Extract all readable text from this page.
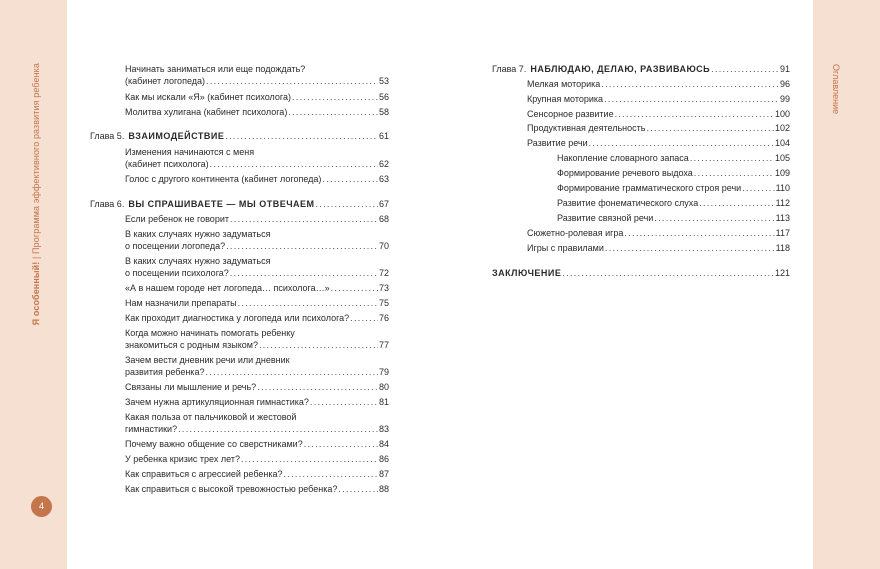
Я особенный! | Программа эффективного развития ребенка	Оглавление
4
Начинать заниматься или еще подождать?
(кабинет логопеда) .....	53
Как мы искали «Я» (кабинет психолога) .....	56
Молитва хулигана (кабинет психолога) .....	58
Глава 5. ВЗАИМОДЕЙСТВИЕ .....	61
Изменения начинаются с меня
(кабинет психолога) .....	62
Голос с другого континента (кабинет логопеда) .....	63
Глава 6. ВЫ СПРАШИВАЕТЕ — МЫ ОТВЕЧАЕМ .....	67
Если ребенок не говорит .....	68
В каких случаях нужно задуматься
о посещении логопеда? .....	70
В каких случаях нужно задуматься
о посещении психолога? .....	72
«А в нашем городе нет логопеда… психолога…» .....	73
Нам назначили препараты .....	75
Как проходит диагностика у логопеда или психолога? .....	76
Когда можно начинать помогать ребенку
знакомиться с родным языком? .....	77
Зачем вести дневник речи или дневник
развития ребенка? .....	79
Связаны ли мышление и речь? .....	80
Зачем нужна артикуляционная гимнастика? .....	81
Какая польза от пальчиковой и жестовой
гимнастики? .....	83
Почему важно общение со сверстниками? .....	84
У ребенка кризис трех лет? .....	86
Как справиться с агрессией ребенка? .....	87
Как справиться с высокой тревожностью ребенка? .....	88
Глава 7. НАБЛЮДАЮ, ДЕЛАЮ, РАЗВИВАЮСЬ .....	91
Мелкая моторика .....	96
Крупная моторика .....	99
Сенсорное развитие .....	100
Продуктивная деятельность .....	102
Развитие речи .....	104
Накопление словарного запаса .....	105
Формирование речевого выдоха .....	109
Формирование грамматического строя речи .....	110
Развитие фонематического слуха .....	112
Развитие связной речи .....	113
Сюжетно-ролевая игра .....	117
Игры с правилами .....	118
ЗАКЛЮЧЕНИЕ .....	121
